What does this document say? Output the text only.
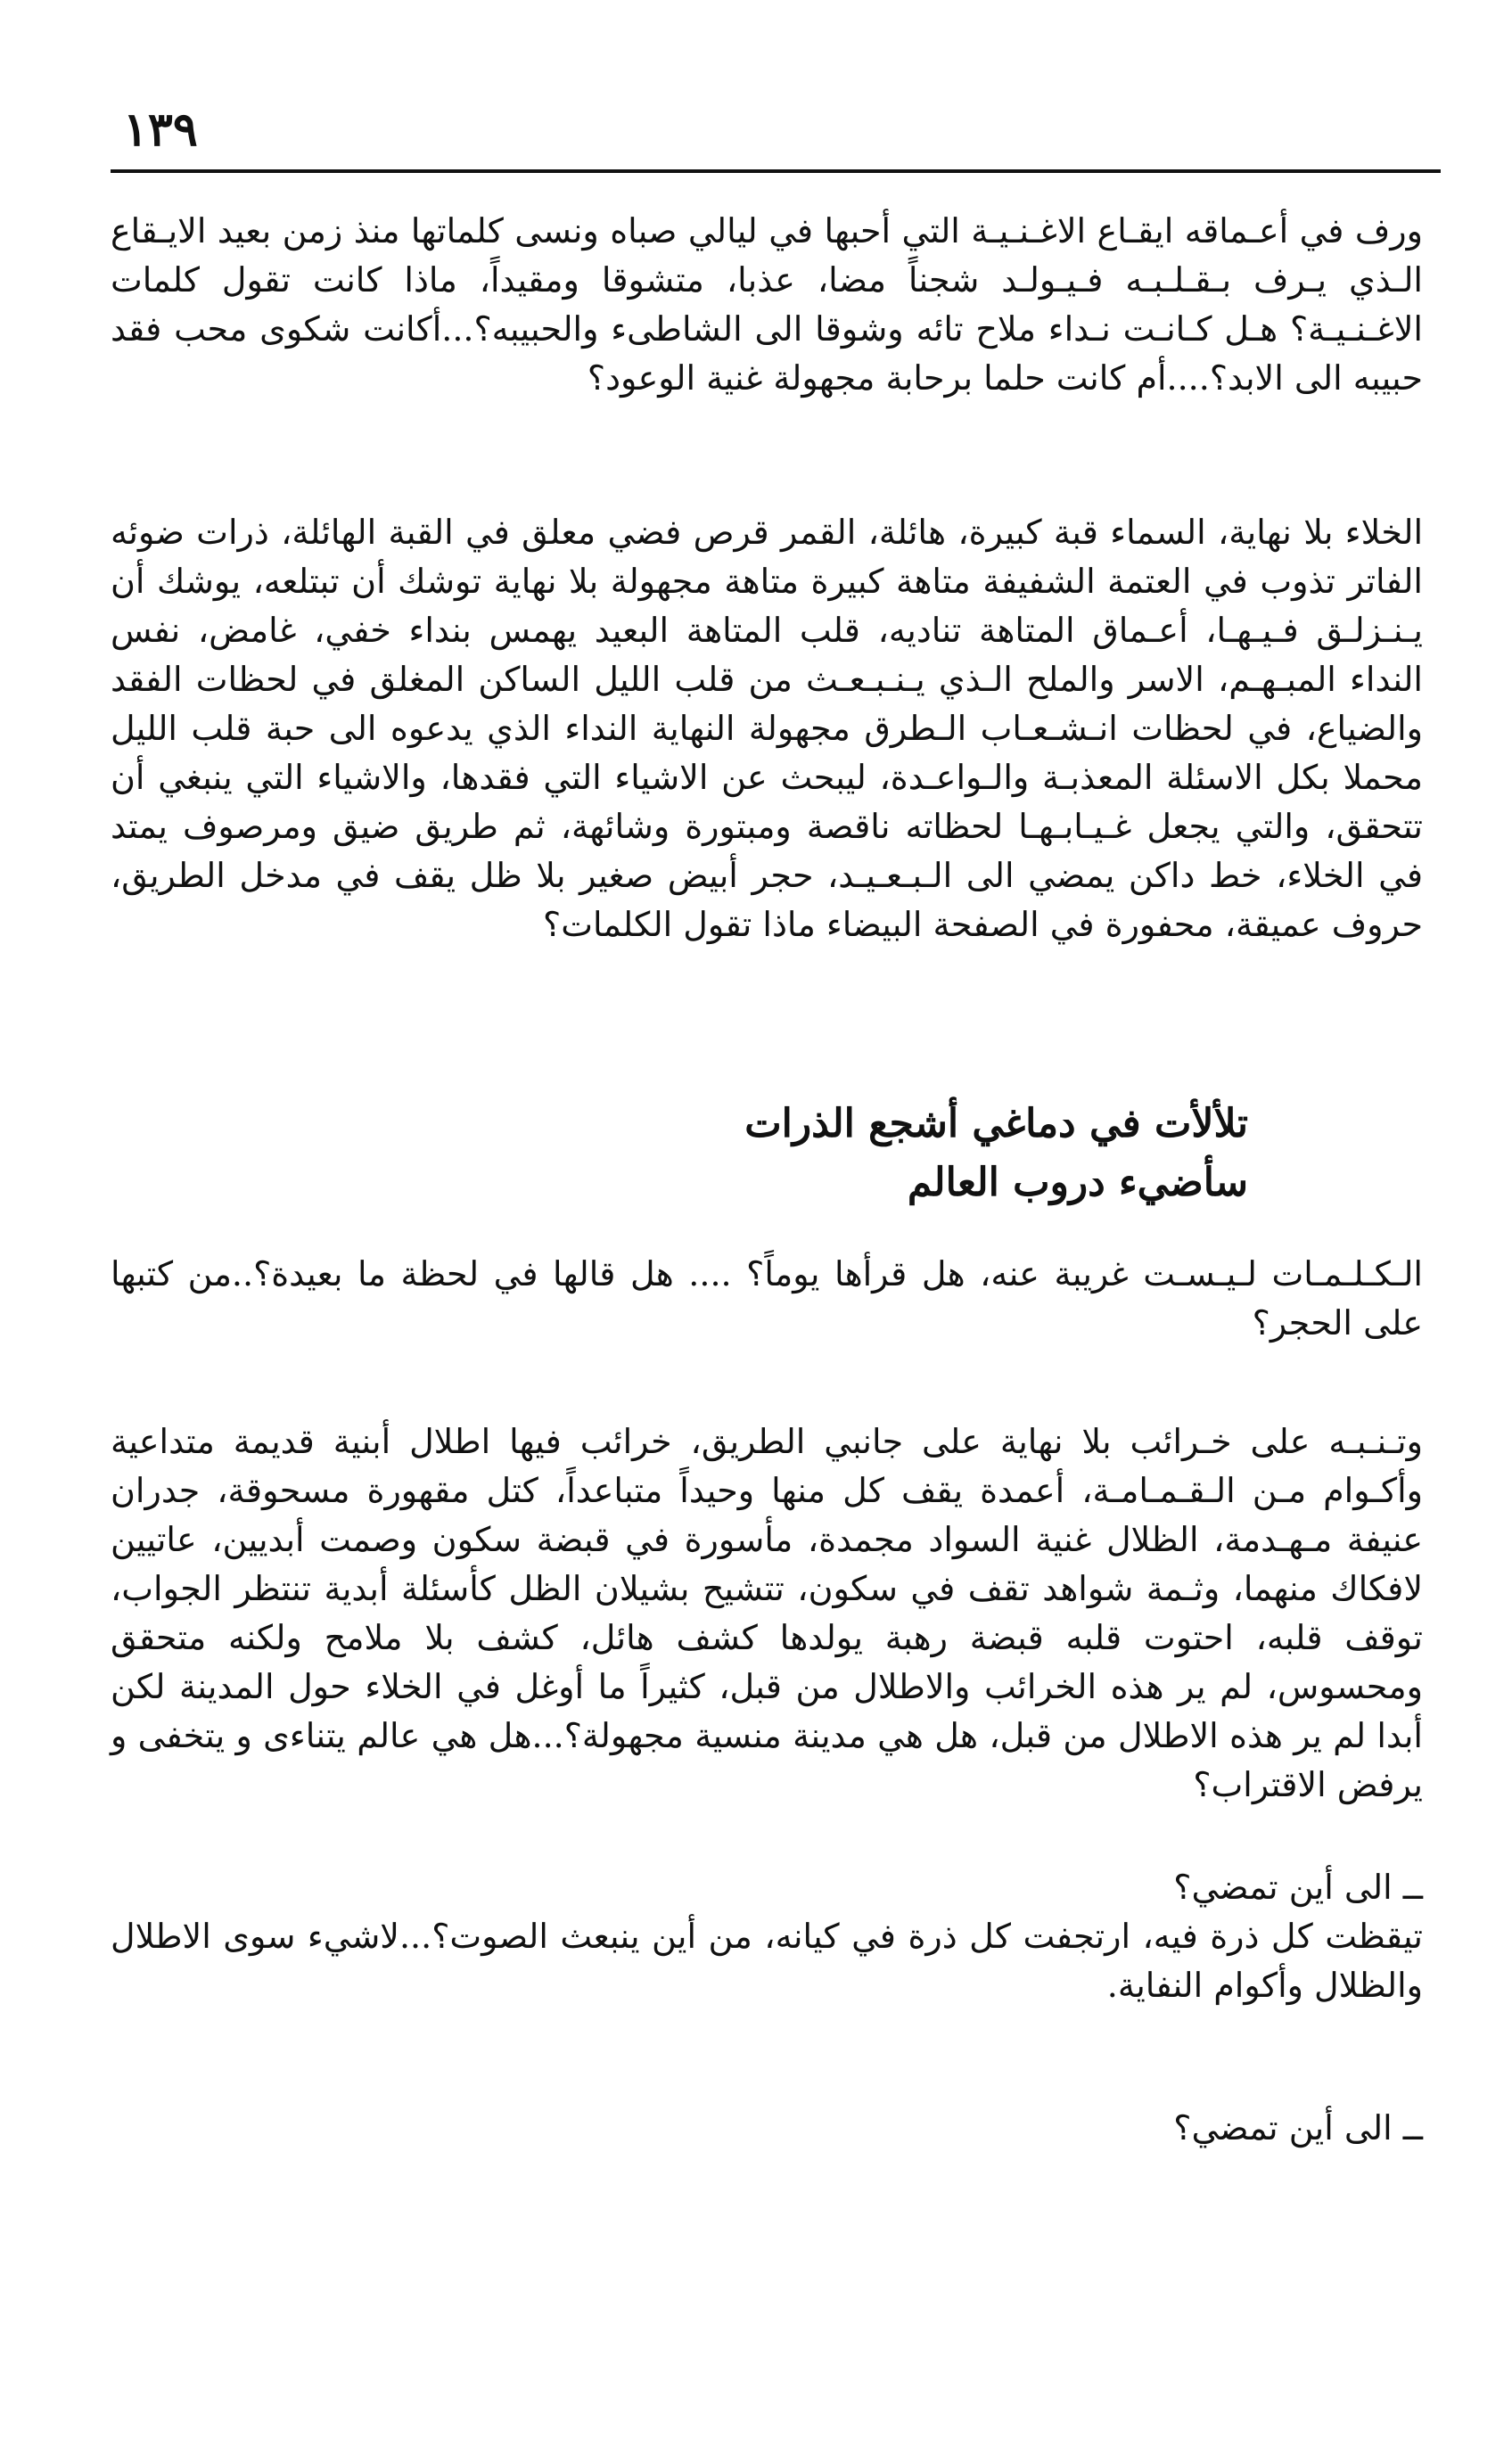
١٣٩

ورف في أعـماقه ايقـاع الاغـنـيـة التي أحبها في ليالي صباه ونسى كلماتها منذ زمن بعيد الايـقاع الـذي يـرف بـقـلـبـه فـيـولـد شجناً مضا، عذبا، متشوقا ومقيداً، ماذا كانت تقول كلمات الاغـنـيـة؟ هـل كـانـت نـداء ملاح تائه وشوقا الى الشاطىء والحبيبه؟...أكانت شكوى محب فقد حبيبه الى الابد؟....أم كانت حلما برحابة مجهولة غنية الوعود؟

الخلاء بلا نهاية، السماء قبة كبيرة، هائلة، القمر قرص فضي معلق في القبة الهائلة، ذرات ضوئه الفاتر تذوب في العتمة الشفيفة متاهة كبيرة متاهة مجهولة بلا نهاية توشك أن تبتلعه، يوشك أن يـنـزلـق فـيـهـا، أعـماق المتاهة تناديه، قلب المتاهة البعيد يهمس بنداء خفي، غامض، نفس النداء المبـهـم، الاسر والملح الـذي يـنـبـعـث من قلب الليل الساكن المغلق في لحظات الفقد والضياع، في لحظات انـشـعـاب الـطرق مجهولة النهاية النداء الذي يدعوه الى حبة قلب الليل محملا بكل الاسئلة المعذبـة والـواعـدة، ليبحث عن الاشياء التي فقدها، والاشياء التي ينبغي أن تتحقق، والتي يجعل غـيـابـهـا لحظاته ناقصة ومبتورة وشائهة، ثم طريق ضيق ومرصوف يمتد في الخلاء، خط داكن يمضي الى الـبـعـيـد، حجر أبيض صغير بلا ظل يقف في مدخل الطريق، حروف عميقة، محفورة في الصفحة البيضاء ماذا تقول الكلمات؟

تلألأت في دماغي أشجع الذرات
سأضيء دروب العالم

الـكـلـمـات لـيـسـت غريبة عنه، هل قرأها يوماً؟ .... هل قالها في لحظة ما بعيدة؟..من كتبها على الحجر؟

وتـنـبـه على خـرائب بلا نهاية على جانبي الطريق، خرائب فيها اطلال أبنية قديمة متداعية وأكـوام مـن الـقـمـامـة، أعمدة يقف كل منها وحيداً متباعداً، كتل مقهورة مسحوقة، جدران عنيفة مـهـدمة، الظلال غنية السواد مجمدة، مأسورة في قبضة سكون وصمت أبديين، عاتيين لافكاك منهما، وثـمة شواهد تقف في سكون، تتشيح بشيلان الظل كأسئلة أبدية تنتظر الجواب، توقف قلبه، احتوت قلبه قبضة رهبة يولدها كشف هائل، كشف بلا ملامح ولكنه متحقق ومحسوس، لم ير هذه الخرائب والاطلال من قبل، كثيراً ما أوغل في الخلاء حول المدينة لكن أبدا لم ير هذه الاطلال من قبل، هل هي مدينة منسية مجهولة؟...هل هي عالم يتناءى و يتخفى و يرفض الاقتراب؟

ــ الى أين تمضي؟

تيقظت كل ذرة فيه، ارتجفت كل ذرة في كيانه، من أين ينبعث الصوت؟...لاشيء سوى الاطلال والظلال وأكوام النفاية.

ــ الى أين تمضي؟
